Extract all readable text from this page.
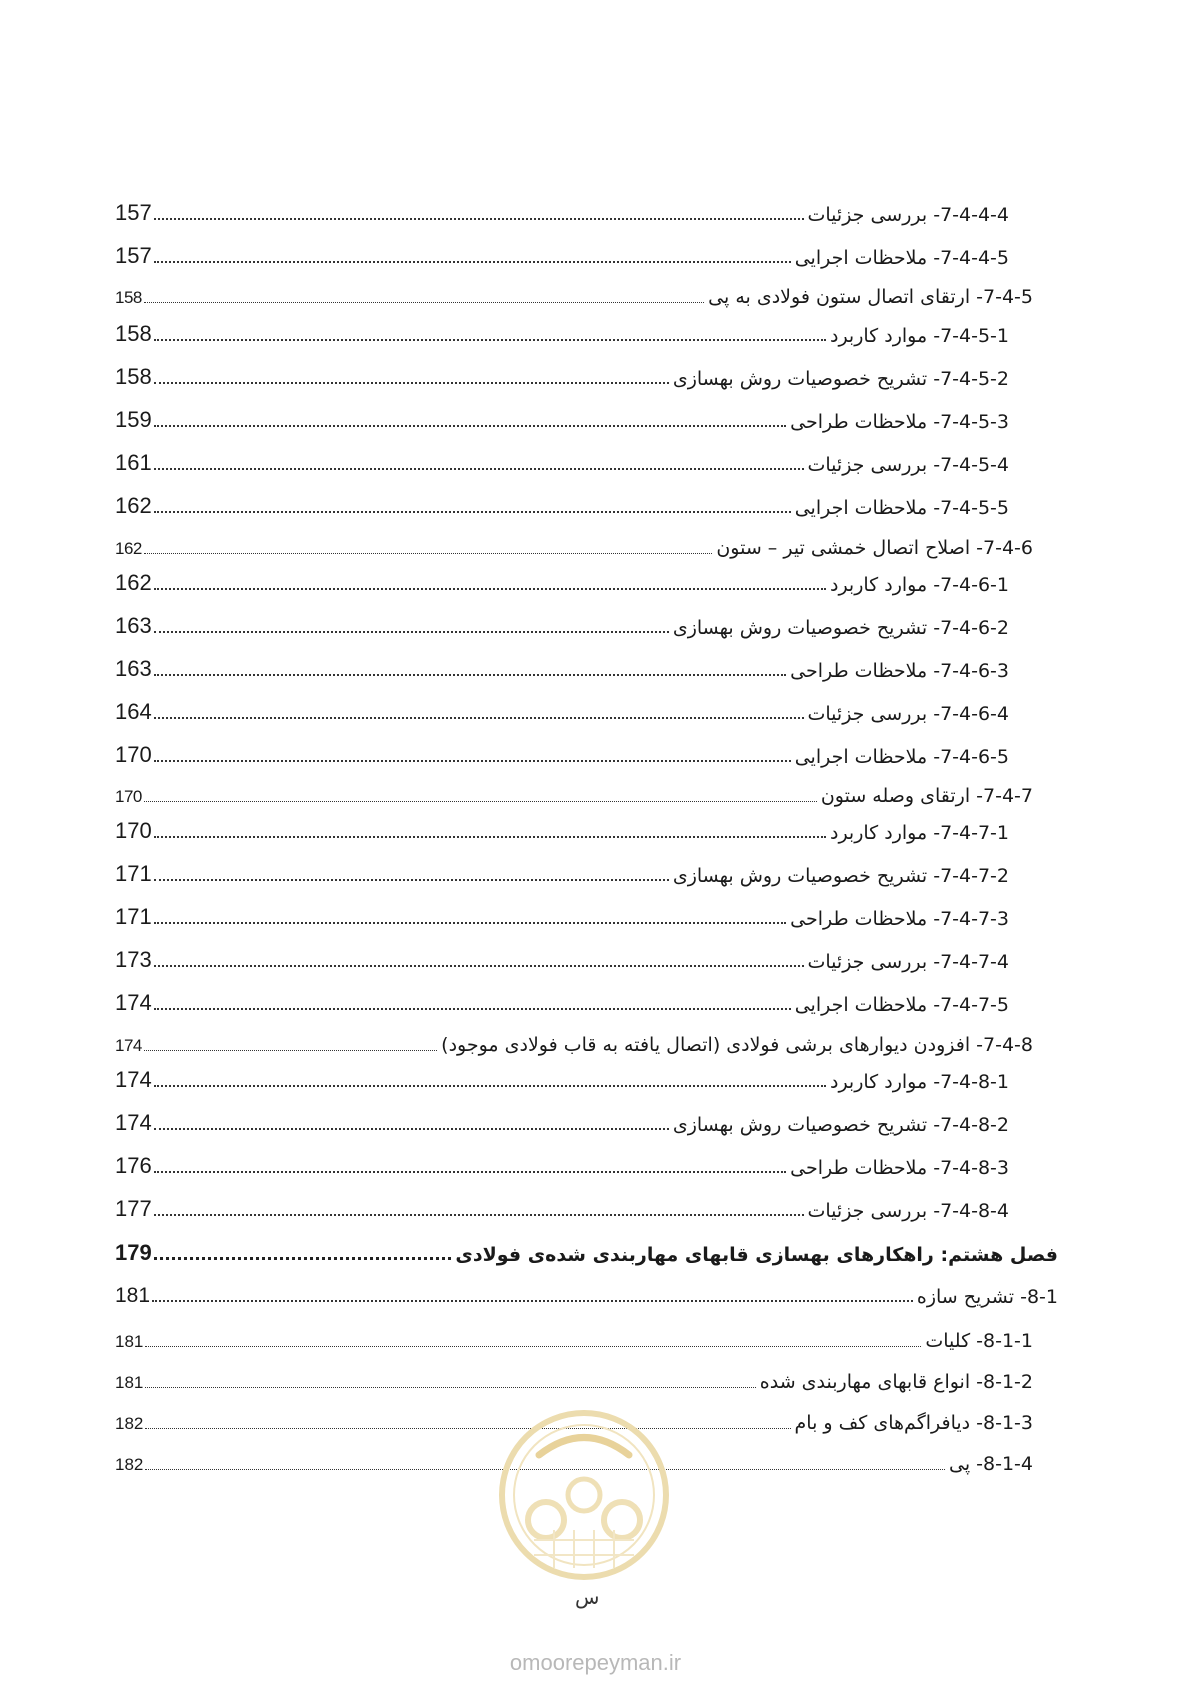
7-4-4-4- بررسی جزئیات
157
7-4-4-5- ملاحظات اجرایی
157
7-4-5- ارتقای اتصال ستون فولادی به پی
158
7-4-5-1- موارد کاربرد
158
7-4-5-2- تشریح خصوصیات روش بهسازی
158
7-4-5-3- ملاحظات طراحی
159
7-4-5-4- بررسی جزئیات
161
7-4-5-5- ملاحظات اجرایی
162
7-4-6- اصلاح اتصال خمشی تیر – ستون
162
7-4-6-1- موارد کاربرد
162
7-4-6-2- تشریح خصوصیات روش بهسازی
163
7-4-6-3- ملاحظات طراحی
163
7-4-6-4- بررسی جزئیات
164
7-4-6-5- ملاحظات اجرایی
170
7-4-7- ارتقای وصله ستون
170
7-4-7-1- موارد کاربرد
170
7-4-7-2- تشریح خصوصیات روش بهسازی
171
7-4-7-3- ملاحظات طراحی
171
7-4-7-4- بررسی جزئیات
173
7-4-7-5- ملاحظات اجرایی
174
7-4-8- افزودن دیوارهای برشی فولادی (اتصال یافته به قاب فولادی موجود)
174
7-4-8-1- موارد کاربرد
174
7-4-8-2- تشریح خصوصیات روش بهسازی
174
7-4-8-3- ملاحظات طراحی
176
7-4-8-4- بررسی جزئیات
177
فصل هشتم: راهکارهای بهسازی قابهای مهاربندی شده‌ی فولادی
179
8-1- تشریح سازه
181
8-1-1- کلیات
181
8-1-2- انواع قابهای مهاربندی شده
181
8-1-3- دیافراگم‌های کف و بام
182
8-1-4- پی
182
س
omoorepeyman.ir
